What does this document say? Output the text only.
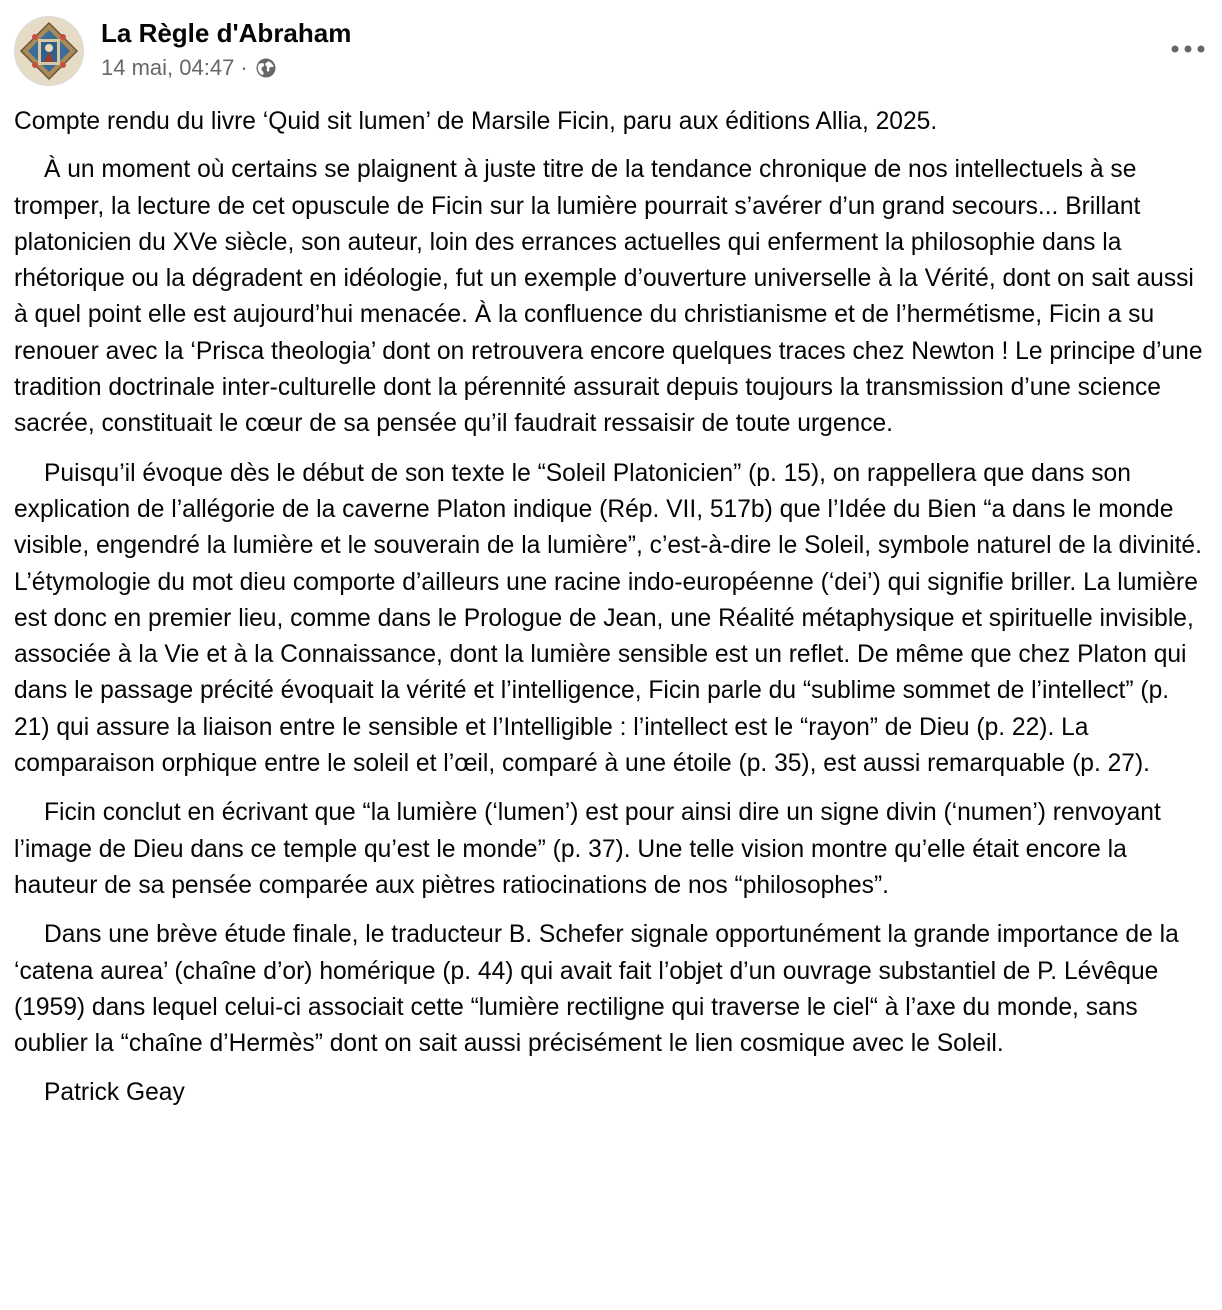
La Règle d'Abraham
14 mai, 04:47 ·

Compte rendu du livre ‘Quid sit lumen’ de Marsile Ficin, paru aux éditions Allia, 2025.

À un moment où certains se plaignent à juste titre de la tendance chronique de nos intellectuels à se tromper, la lecture de cet opuscule de Ficin sur la lumière pourrait s’avérer d’un grand secours... Brillant platonicien du XVe siècle, son auteur, loin des errances actuelles qui enferment la philosophie dans la rhétorique ou la dégradent en idéologie, fut un exemple d’ouverture universelle à la Vérité, dont on sait aussi à quel point elle est aujourd’hui menacée. À la confluence du christianisme et de l’hermétisme, Ficin a su renouer avec la ‘Prisca theologia’ dont on retrouvera encore quelques traces chez Newton ! Le principe d’une tradition doctrinale inter-culturelle dont la pérennité assurait depuis toujours la transmission d’une science sacrée, constituait le cœur de sa pensée qu’il faudrait ressaisir de toute urgence.

Puisqu’il évoque dès le début de son texte le “Soleil Platonicien” (p. 15), on rappellera que dans son explication de l’allégorie de la caverne Platon indique (Rép. VII, 517b) que l’Idée du Bien “a dans le monde visible, engendré la lumière et le souverain de la lumière”, c’est-à-dire le Soleil, symbole naturel de la divinité. L’étymologie du mot dieu comporte d’ailleurs une racine indo-européenne (‘dei’) qui signifie briller. La lumière est donc en premier lieu, comme dans le Prologue de Jean, une Réalité métaphysique et spirituelle invisible, associée à la Vie et à la Connaissance, dont la lumière sensible est un reflet. De même que chez Platon qui dans le passage précité évoquait la vérité et l’intelligence, Ficin parle du “sublime sommet de l’intellect” (p. 21) qui assure la liaison entre le sensible et l’Intelligible : l’intellect est le “rayon” de Dieu (p. 22). La comparaison orphique entre le soleil et l’œil, comparé à une étoile (p. 35), est aussi remarquable (p. 27).

Ficin conclut en écrivant que “la lumière (‘lumen’) est pour ainsi dire un signe divin (‘numen’) renvoyant l’image de Dieu dans ce temple qu’est le monde” (p. 37). Une telle vision montre qu’elle était encore la hauteur de sa pensée comparée aux piètres ratiocinations de nos “philosophes”.

Dans une brève étude finale, le traducteur B. Schefer signale opportunément la grande importance de la ‘catena aurea’ (chaîne d’or) homérique (p. 44) qui avait fait l’objet d’un ouvrage substantiel de P. Lévêque (1959) dans lequel celui-ci associait cette “lumière rectiligne qui traverse le ciel“ à l’axe du monde, sans oublier la “chaîne d’Hermès” dont on sait aussi précisément le lien cosmique avec le Soleil.

Patrick Geay
